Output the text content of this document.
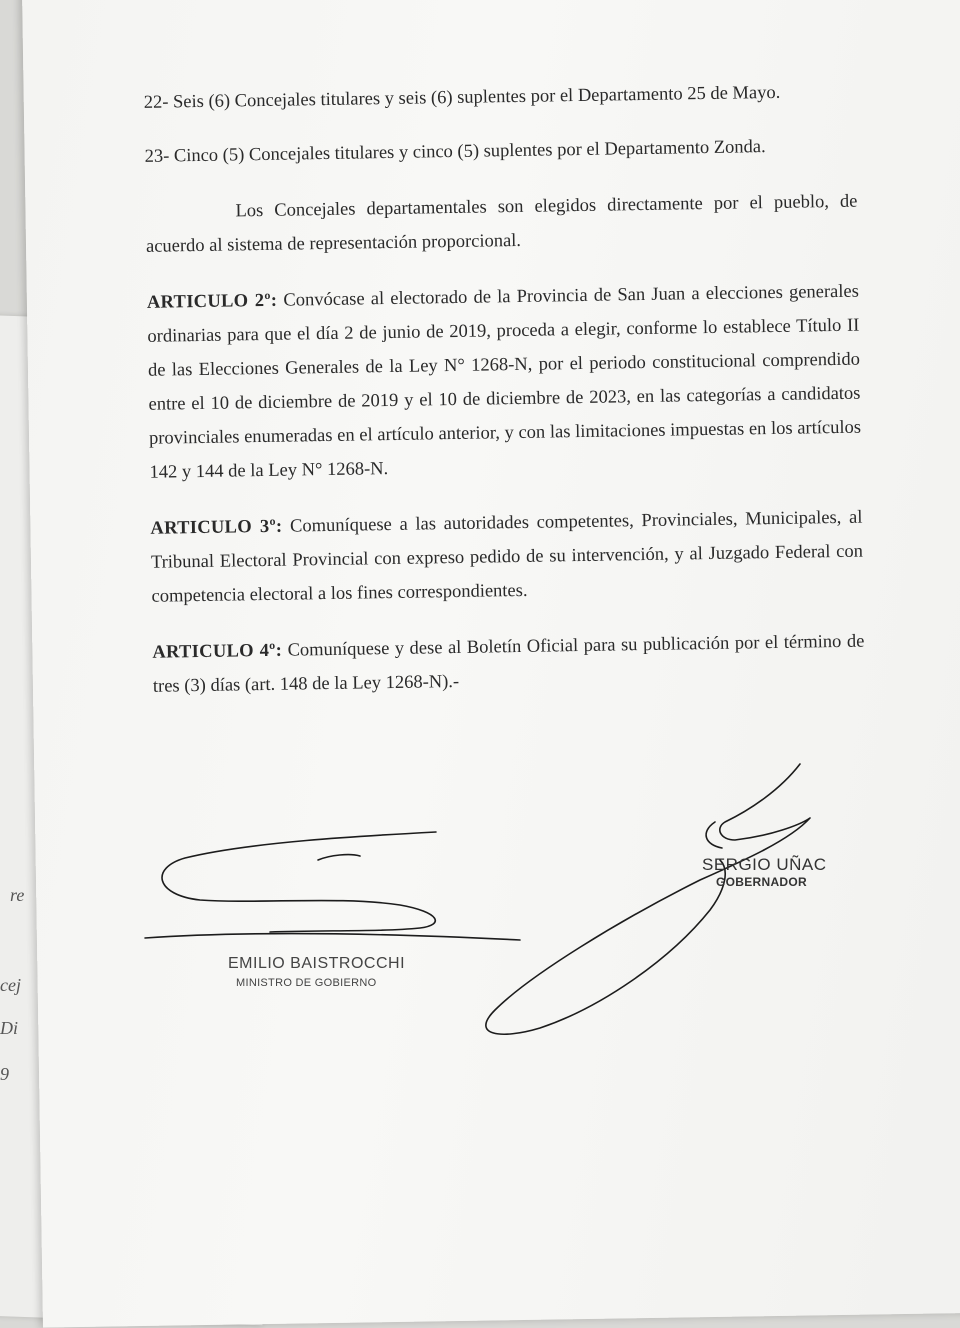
re
cej
Di
9

22- Seis (6) Concejales titulares y seis (6) suplentes por el Departamento 25 de Mayo.

23- Cinco (5) Concejales titulares y cinco (5) suplentes por el Departamento Zonda.

Los Concejales departamentales son elegidos directamente por el pueblo, de acuerdo al sistema de representación proporcional.

ARTICULO 2º: Convócase al electorado de la Provincia de San Juan a elecciones generales ordinarias para que el día 2 de junio de 2019, proceda a elegir, conforme lo establece Título II de las Elecciones Generales de la Ley N° 1268-N, por el periodo constitucional comprendido entre el 10 de diciembre de 2019 y el 10 de diciembre de 2023, en las categorías a candidatos provinciales enumeradas en el artículo anterior, y con las limitaciones impuestas en los artículos 142 y 144 de la Ley N° 1268-N.

ARTICULO 3º: Comuníquese a las autoridades competentes, Provinciales, Municipales, al Tribunal Electoral Provincial con expreso pedido de su intervención, y al Juzgado Federal con competencia electoral a los fines correspondientes.

ARTICULO 4º: Comuníquese y dese al Boletín Oficial para su publicación por el término de tres (3) días (art. 148 de la Ley 1268-N).-

SERGIO UÑAC
GOBERNADOR
EMILIO BAISTROCCHI
MINISTRO DE GOBIERNO
